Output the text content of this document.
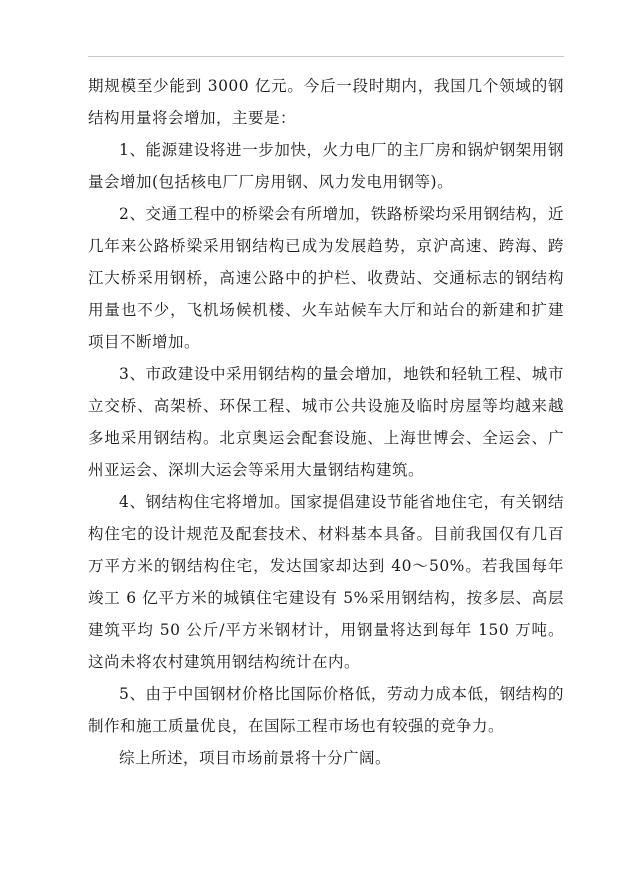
期规模至少能到 3000 亿元。今后一段时期内，我国几个领域的钢结构用量将会增加，主要是：

1、能源建设将进一步加快，火力电厂的主厂房和锅炉钢架用钢量会增加(包括核电厂厂房用钢、风力发电用钢等)。

2、交通工程中的桥梁会有所增加，铁路桥梁均采用钢结构，近几年来公路桥梁采用钢结构已成为发展趋势，京沪高速、跨海、跨江大桥采用钢桥，高速公路中的护栏、收费站、交通标志的钢结构用量也不少，飞机场候机楼、火车站候车大厅和站台的新建和扩建项目不断增加。

3、市政建设中采用钢结构的量会增加，地铁和轻轨工程、城市立交桥、高架桥、环保工程、城市公共设施及临时房屋等均越来越多地采用钢结构。北京奥运会配套设施、上海世博会、全运会、广州亚运会、深圳大运会等采用大量钢结构建筑。

4、钢结构住宅将增加。国家提倡建设节能省地住宅，有关钢结构住宅的设计规范及配套技术、材料基本具备。目前我国仅有几百万平方米的钢结构住宅，发达国家却达到 40～50%。若我国每年竣工 6 亿平方米的城镇住宅建设有 5%采用钢结构，按多层、高层建筑平均 50 公斤/平方米钢材计，用钢量将达到每年 150 万吨。这尚未将农村建筑用钢结构统计在内。

5、由于中国钢材价格比国际价格低，劳动力成本低，钢结构的制作和施工质量优良，在国际工程市场也有较强的竞争力。

综上所述，项目市场前景将十分广阔。
